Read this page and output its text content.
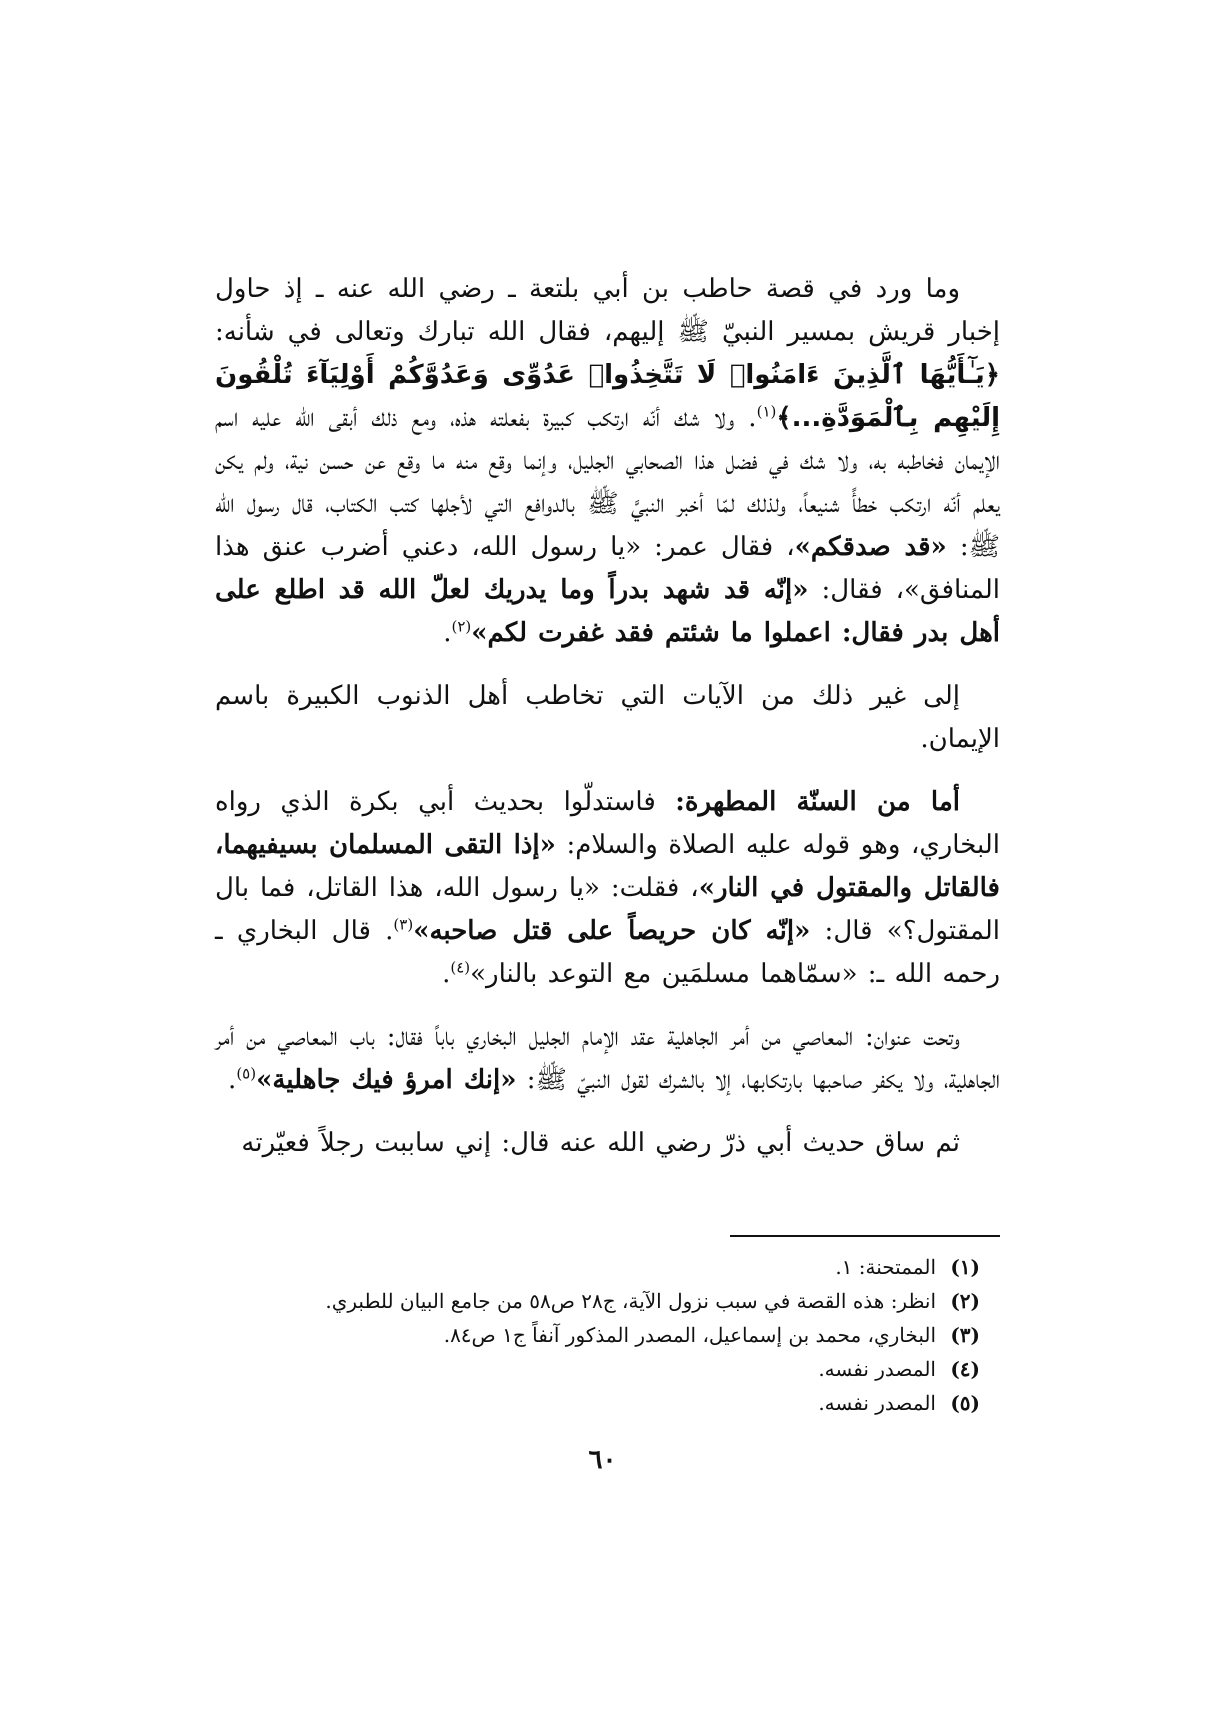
وما ورد في قصة حاطب بن أبي بلتعة ـ رضي الله عنه ـ إذ حاول إخبار قريش بمسير النبيّ ﷺ إليهم، فقال الله تبارك وتعالى في شأنه: ﴿يَـٰٓأَيُّهَا ٱلَّذِينَ ءَامَنُوا۟ لَا تَتَّخِذُوا۟ عَدُوِّى وَعَدُوَّكُمْ أَوْلِيَآءَ تُلْقُونَ إِلَيْهِم بِٱلْمَوَدَّةِ...﴾$^{(١)}$. ولا شك أنّه ارتكب كبيرة بفعلته هذه، ومع ذلك أبقى الله عليه اسم الإيمان فخاطبه به، ولا شك في فضل هذا الصحابي الجليل، وإنما وقع منه ما وقع عن حسن نية، ولم يكن يعلم أنّه ارتكب خطأً شنيعاً، ولذلك لمّا أخبر النبيَّ ﷺ بالدوافع التي لأجلها كتب الكتاب، قال رسول الله ﷺ: «قد صدقكم»، فقال عمر: «يا رسول الله، دعني أضرب عنق هذا المنافق»، فقال: «إنّه قد شهد بدراً وما يدريك لعلّ الله قد اطلع على أهل بدر فقال: اعملوا ما شئتم فقد غفرت لكم»$^{(٢)}$.

إلى غير ذلك من الآيات التي تخاطب أهل الذنوب الكبيرة باسم الإيمان.

أما من السنّة المطهرة: فاستدلّوا بحديث أبي بكرة الذي رواه البخاري، وهو قوله عليه الصلاة والسلام: «إذا التقى المسلمان بسيفيهما، فالقاتل والمقتول في النار»، فقلت: «يا رسول الله، هذا القاتل، فما بال المقتول؟» قال: «إنّه كان حريصاً على قتل صاحبه»$^{(٣)}$. قال البخاري ـ رحمه الله ـ: «سمّاهما مسلمَين مع التوعد بالنار»$^{(٤)}$.

وتحت عنوان: المعاصي من أمر الجاهلية عقد الإمام الجليل البخاري باباً فقال: باب المعاصي من أمر الجاهلية، ولا يكفر صاحبها بارتكابها، إلا بالشرك لقول النبيّ ﷺ: «إنك امرؤ فيك جاهلية»$^{(٥)}$.

ثم ساق حديث أبي ذرّ رضي الله عنه قال: إني ساببت رجلاً فعيّرته

(١)الممتحنة: ١.

(٢)انظر: هذه القصة في سبب نزول الآية، ج٢٨ ص٥٨ من جامع البيان للطبري.

(٣)البخاري، محمد بن إسماعيل، المصدر المذكور آنفاً ج١ ص٨٤.

(٤)المصدر نفسه.

(٥)المصدر نفسه.

٦٠
